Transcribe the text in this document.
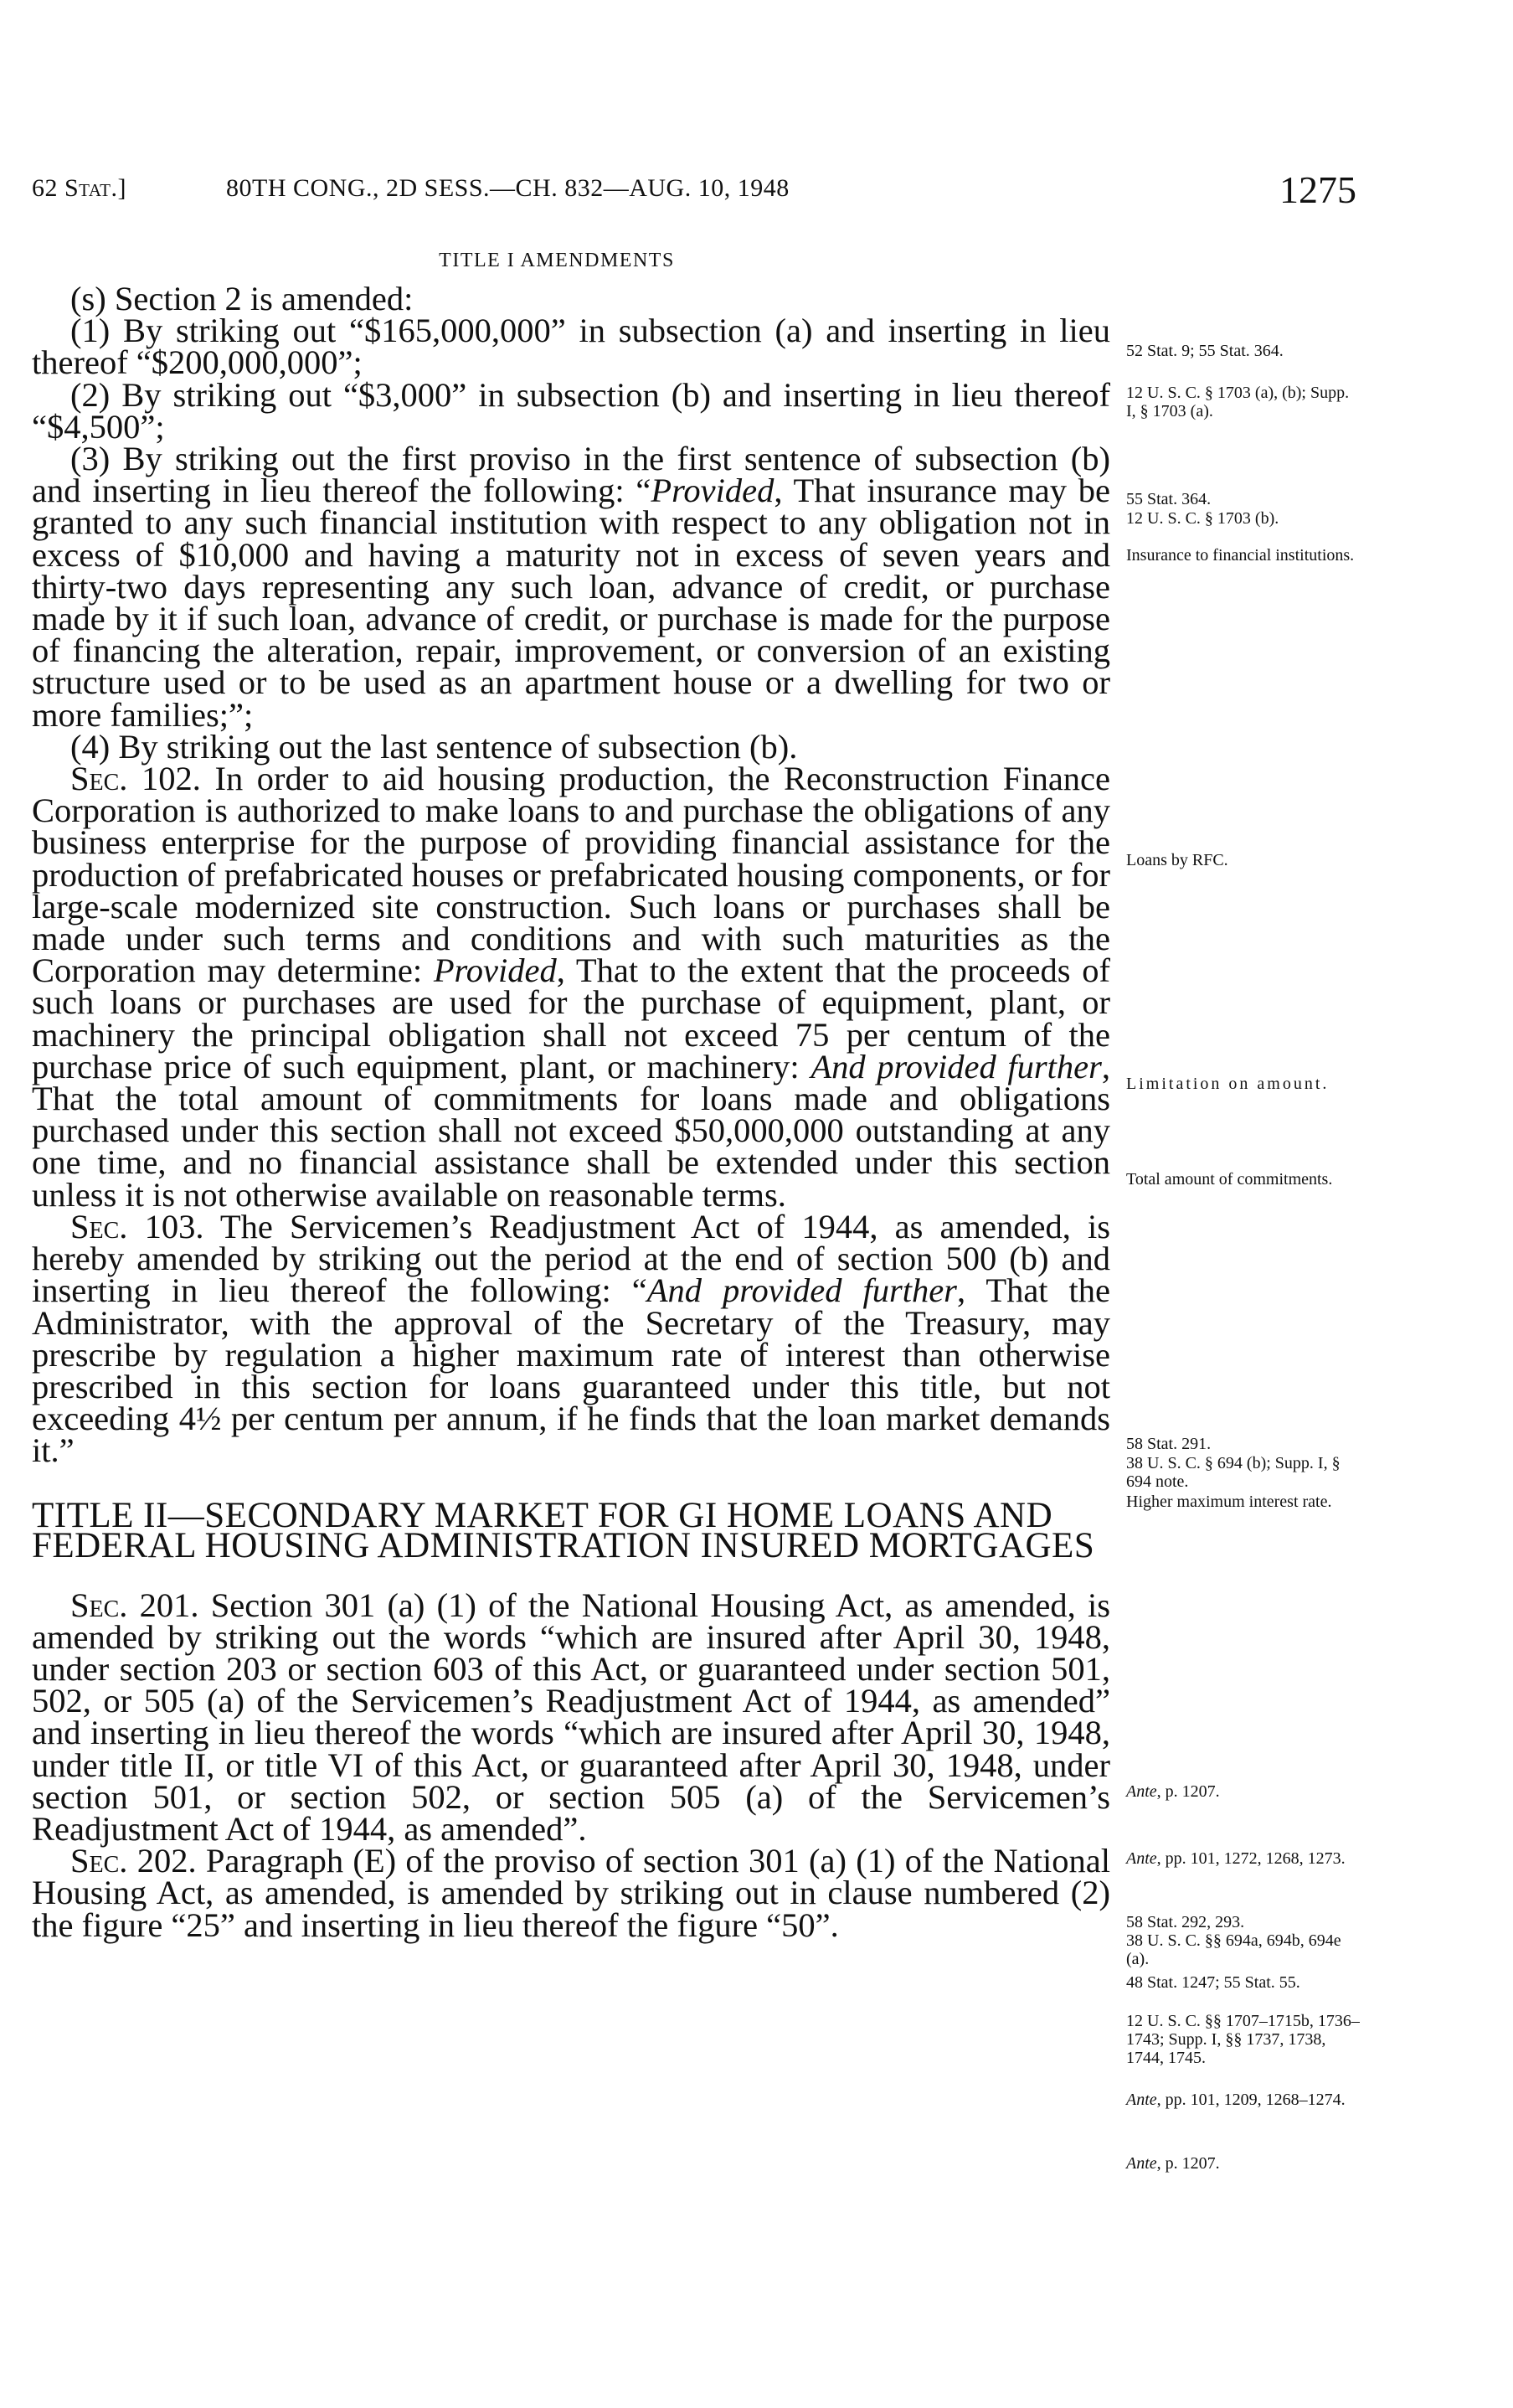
62 Stat.]	80TH CONG., 2D SESS.—CH. 832—AUG. 10, 1948	1275
TITLE I AMENDMENTS

(s) Section 2 is amended:

(1) By striking out “$165,000,000” in subsection (a) and inserting in lieu thereof “$200,000,000”;

(2) By striking out “$3,000” in subsection (b) and inserting in lieu thereof “$4,500”;

(3) By striking out the first proviso in the first sentence of subsection (b) and inserting in lieu thereof the following: “Provided, That insurance may be granted to any such financial institution with respect to any obligation not in excess of $10,000 and having a maturity not in excess of seven years and thirty-two days representing any such loan, advance of credit, or purchase made by it if such loan, advance of credit, or purchase is made for the purpose of financing the alteration, repair, improvement, or conversion of an existing structure used or to be used as an apartment house or a dwelling for two or more families;”;

(4) By striking out the last sentence of subsection (b).

Sec. 102. In order to aid housing production, the Reconstruction Finance Corporation is authorized to make loans to and purchase the obligations of any business enterprise for the purpose of providing financial assistance for the production of prefabricated houses or prefabricated housing components, or for large-scale modernized site construction. Such loans or purchases shall be made under such terms and conditions and with such maturities as the Corporation may determine: Provided, That to the extent that the proceeds of such loans or purchases are used for the purchase of equipment, plant, or machinery the principal obligation shall not exceed 75 per centum of the purchase price of such equipment, plant, or machinery: And provided further, That the total amount of commitments for loans made and obligations purchased under this section shall not exceed $50,000,000 outstanding at any one time, and no financial assistance shall be extended under this section unless it is not otherwise available on reasonable terms.

Sec. 103. The Servicemen’s Readjustment Act of 1944, as amended, is hereby amended by striking out the period at the end of section 500 (b) and inserting in lieu thereof the following: “And provided further, That the Administrator, with the approval of the Secretary of the Treasury, may prescribe by regulation a higher maximum rate of interest than otherwise prescribed in this section for loans guaranteed under this title, but not exceeding 4½ per centum per annum, if he finds that the loan market demands it.”

TITLE II—SECONDARY MARKET FOR GI HOME LOANS AND FEDERAL HOUSING ADMINISTRATION INSURED MORTGAGES

Sec. 201. Section 301 (a) (1) of the National Housing Act, as amended, is amended by striking out the words “which are insured after April 30, 1948, under section 203 or section 603 of this Act, or guaranteed under section 501, 502, or 505 (a) of the Servicemen’s Readjustment Act of 1944, as amended” and inserting in lieu thereof the words “which are insured after April 30, 1948, under title II, or title VI of this Act, or guaranteed after April 30, 1948, under section 501, or section 502, or section 505 (a) of the Servicemen’s Readjustment Act of 1944, as amended”.

Sec. 202. Paragraph (E) of the proviso of section 301 (a) (1) of the National Housing Act, as amended, is amended by striking out in clause numbered (2) the figure “25” and inserting in lieu thereof the figure “50”.

52 Stat. 9; 55 Stat. 364.
12 U. S. C. § 1703 (a), (b); Supp. I, § 1703 (a).
55 Stat. 364.
12 U. S. C. § 1703 (b).
Insurance to financial institutions.
Loans by RFC.
Limitation on amount.
Total amount of commitments.
58 Stat. 291.
38 U. S. C. § 694 (b); Supp. I, § 694 note.
Higher maximum interest rate.
Ante, p. 1207.
Ante, pp. 101, 1272, 1268, 1273.
58 Stat. 292, 293.
38 U. S. C. §§ 694a, 694b, 694e (a).
48 Stat. 1247; 55 Stat. 55.
12 U. S. C. §§ 1707–1715b, 1736–1743; Supp. I, §§ 1737, 1738, 1744, 1745.
Ante, pp. 101, 1209, 1268–1274.
Ante, p. 1207.
